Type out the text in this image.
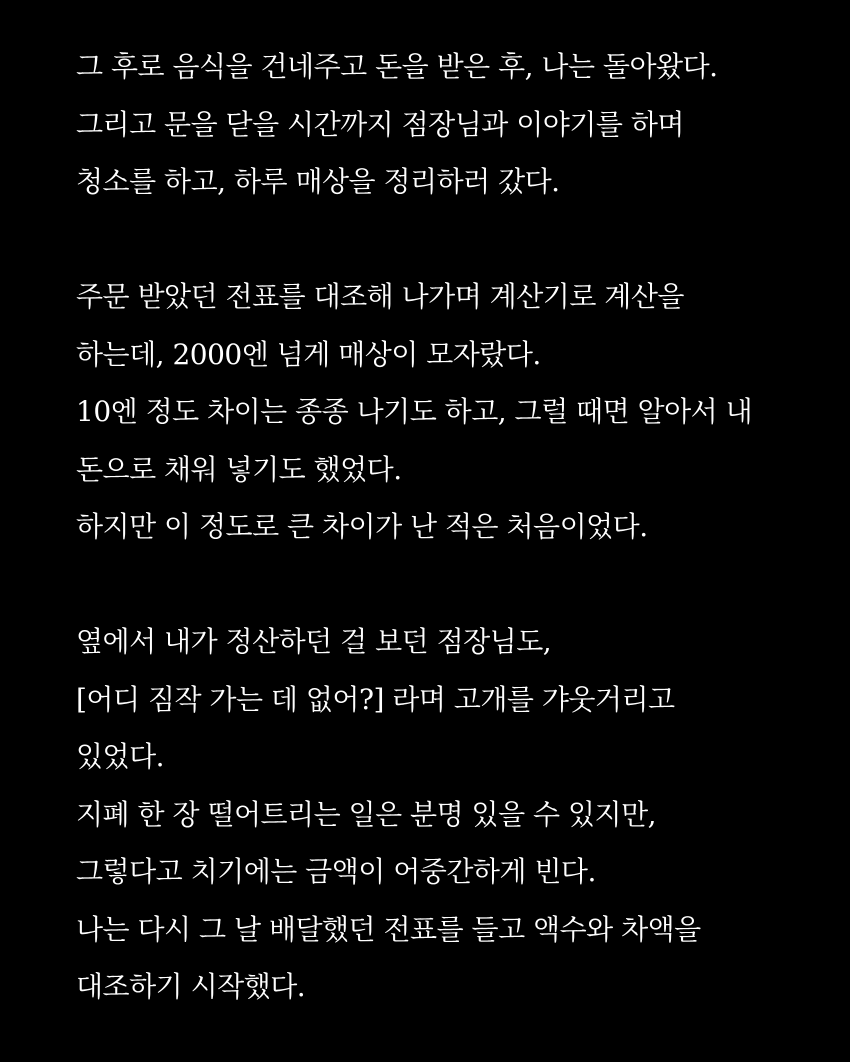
그 후로 음식을 건네주고 돈을 받은 후, 나는 돌아왔다.
그리고 문을 닫을 시간까지 점장님과 이야기를 하며
청소를 하고, 하루 매상을 정리하러 갔다.
주문 받았던 전표를 대조해 나가며 계산기로 계산을
하는데, 2000엔 넘게 매상이 모자랐다.
10엔 정도 차이는 종종 나기도 하고, 그럴 때면 알아서 내
돈으로 채워 넣기도 했었다.
하지만 이 정도로 큰 차이가 난 적은 처음이었다.
옆에서 내가 정산하던 걸 보던 점장님도,
[어디 짐작 가는 데 없어?] 라며 고개를 갸웃거리고
있었다.
지폐 한 장 떨어트리는 일은 분명 있을 수 있지만,
그렇다고 치기에는 금액이 어중간하게 빈다.
나는 다시 그 날 배달했던 전표를 들고 액수와 차액을
대조하기 시작했다.
